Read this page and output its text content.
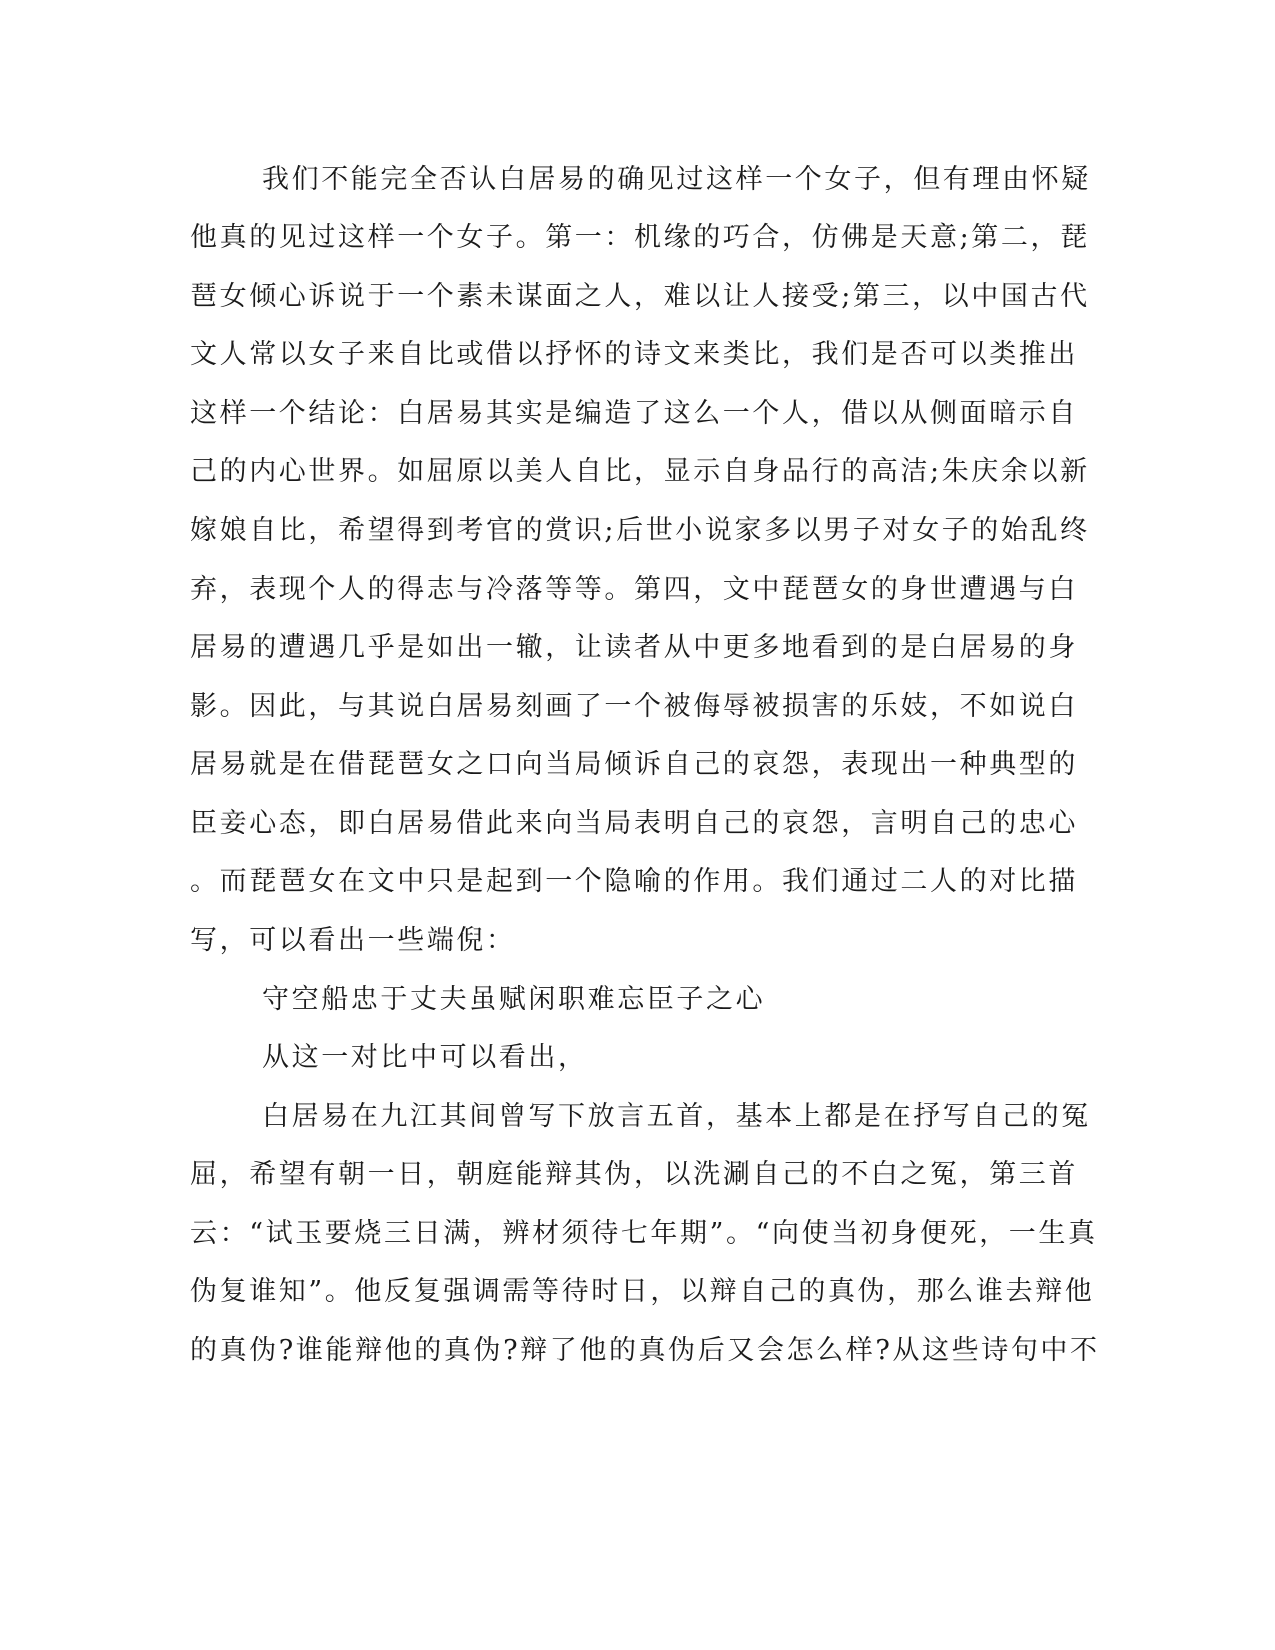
我们不能完全否认白居易的确见过这样一个女子，但有理由怀疑
他真的见过这样一个女子。第一：机缘的巧合，仿佛是天意;第二，琵
琶女倾心诉说于一个素未谋面之人，难以让人接受;第三，以中国古代
文人常以女子来自比或借以抒怀的诗文来类比，我们是否可以类推出
这样一个结论：白居易其实是编造了这么一个人，借以从侧面暗示自
己的内心世界。如屈原以美人自比，显示自身品行的高洁;朱庆余以新
嫁娘自比，希望得到考官的赏识;后世小说家多以男子对女子的始乱终
弃，表现个人的得志与冷落等等。第四，文中琵琶女的身世遭遇与白
居易的遭遇几乎是如出一辙，让读者从中更多地看到的是白居易的身
影。因此，与其说白居易刻画了一个被侮辱被损害的乐妓，不如说白
居易就是在借琵琶女之口向当局倾诉自己的哀怨，表现出一种典型的
臣妾心态，即白居易借此来向当局表明自己的哀怨，言明自己的忠心
。而琵琶女在文中只是起到一个隐喻的作用。我们通过二人的对比描
写，可以看出一些端倪：
守空船忠于丈夫虽赋闲职难忘臣子之心
从这一对比中可以看出，
白居易在九江其间曾写下放言五首，基本上都是在抒写自己的冤
屈，希望有朝一日，朝庭能辩其伪，以洗涮自己的不白之冤，第三首
云：“试玉要烧三日满，辨材须待七年期”。“向使当初身便死，一生真
伪复谁知”。他反复强调需等待时日，以辩自己的真伪，那么谁去辩他
的真伪?谁能辩他的真伪?辩了他的真伪后又会怎么样?从这些诗句中不
